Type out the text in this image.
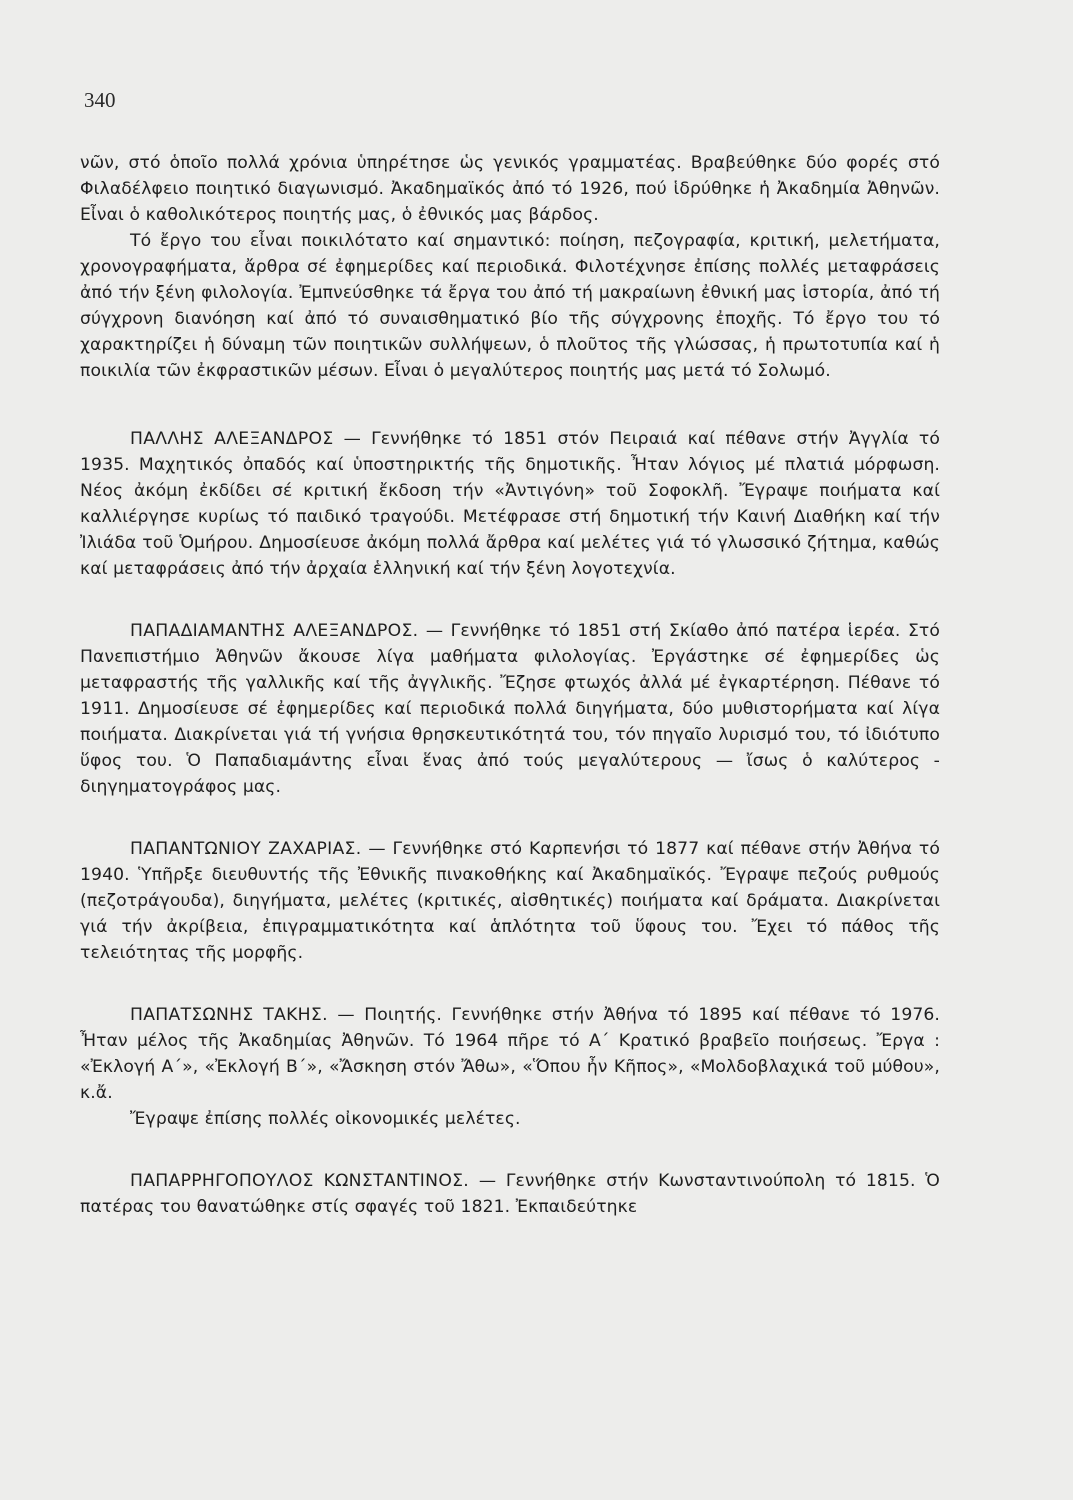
340

νῶν, στό ὁποῖο πολλά χρόνια ὑπηρέτησε ὡς γενικός γραμματέας. Βραβεύθηκε δύο φορές στό Φιλαδέλφειο ποιητικό διαγωνισμό. Ἀκαδημαϊκός ἀπό τό 1926, πού ἱδρύθηκε ἡ Ἀκαδημία Ἀθηνῶν. Εἶναι ὁ καθολικότερος ποιητής μας, ὁ ἐθνικός μας βάρδος.

Τό ἔργο του εἶναι ποικιλότατο καί σημαντικό: ποίηση, πεζογραφία, κριτική, μελετήματα, χρονογραφήματα, ἄρθρα σέ ἐφημερίδες καί περιοδικά. Φιλοτέχνησε ἐπίσης πολλές μεταφράσεις ἀπό τήν ξένη φιλολογία. Ἐμπνεύσθηκε τά ἔργα του ἀπό τή μακραίωνη ἐθνική μας ἱστορία, ἀπό τή σύγχρονη διανόηση καί ἀπό τό συναισθηματικό βίο τῆς σύγχρονης ἐποχῆς. Τό ἔργο του τό χαρακτηρίζει ἡ δύναμη τῶν ποιητικῶν συλλήψεων, ὁ πλοῦτος τῆς γλώσσας, ἡ πρωτοτυπία καί ἡ ποικιλία τῶν ἐκφραστικῶν μέσων. Εἶναι ὁ μεγαλύτερος ποιητής μας μετά τό Σολωμό.

ΠΑΛΛΗΣ ΑΛΕΞΑΝΔΡΟΣ — Γεννήθηκε τό 1851 στόν Πειραιά καί πέθανε στήν Ἀγγλία τό 1935. Μαχητικός ὀπαδός καί ὑποστηρικτής τῆς δημοτικῆς. Ἦταν λόγιος μέ πλατιά μόρφωση. Νέος ἀκόμη ἐκδίδει σέ κριτική ἔκδοση τήν «Ἀντιγόνη» τοῦ Σοφοκλῆ. Ἔγραψε ποιήματα καί καλλιέργησε κυρίως τό παιδικό τραγούδι. Μετέφρασε στή δημοτική τήν Καινή Διαθήκη καί τήν Ἰλιάδα τοῦ Ὁμήρου. Δημοσίευσε ἀκόμη πολλά ἄρθρα καί μελέτες γιά τό γλωσσικό ζήτημα, καθώς καί μεταφράσεις ἀπό τήν ἀρχαία ἑλληνική καί τήν ξένη λογοτεχνία.

ΠΑΠΑΔΙΑΜΑΝΤΗΣ ΑΛΕΞΑΝΔΡΟΣ. — Γεννήθηκε τό 1851 στή Σκίαθο ἀπό πατέρα ἱερέα. Στό Πανεπιστήμιο Ἀθηνῶν ἄκουσε λίγα μαθήματα φιλολογίας. Ἐργάστηκε σέ ἐφημερίδες ὡς μεταφραστής τῆς γαλλικῆς καί τῆς ἀγγλικῆς. Ἔζησε φτωχός ἀλλά μέ ἐγκαρτέρηση. Πέθανε τό 1911. Δημοσίευσε σέ ἐφημερίδες καί περιοδικά πολλά διηγήματα, δύο μυθιστορήματα καί λίγα ποιήματα. Διακρίνεται γιά τή γνήσια θρησκευτικότητά του, τόν πηγαῖο λυρισμό του, τό ἰδιότυπο ὕφος του. Ὁ Παπαδιαμάντης εἶναι ἕνας ἀπό τούς μεγαλύτερους — ἴσως ὁ καλύτερος - διηγηματογράφος μας.

ΠΑΠΑΝΤΩΝΙΟΥ ΖΑΧΑΡΙΑΣ. — Γεννήθηκε στό Καρπενήσι τό 1877 καί πέθανε στήν Ἀθήνα τό 1940. Ὑπῆρξε διευθυντής τῆς Ἐθνικῆς πινακοθήκης καί Ἀκαδημαϊκός. Ἔγραψε πεζούς ρυθμούς (πεζοτράγουδα), διηγήματα, μελέτες (κριτικές, αἰσθητικές) ποιήματα καί δράματα. Διακρίνεται γιά τήν ἀκρίβεια, ἐπιγραμματικότητα καί ἁπλότητα τοῦ ὕφους του. Ἔχει τό πάθος τῆς τελειότητας τῆς μορφῆς.

ΠΑΠΑΤΣΩΝΗΣ ΤΑΚΗΣ. — Ποιητής. Γεννήθηκε στήν Ἀθήνα τό 1895 καί πέθανε τό 1976. Ἦταν μέλος τῆς Ἀκαδημίας Ἀθηνῶν. Τό 1964 πῆρε τό Α΄ Κρατικό βραβεῖο ποιήσεως. Ἔργα : «Ἐκλογή Α΄», «Ἐκλογή Β΄», «Ἄσκηση στόν Ἄθω», «Ὅπου ἦν Κῆπος», «Μολδοβλαχικά τοῦ μύθου», κ.ἄ.

Ἔγραψε ἐπίσης πολλές οἰκονομικές μελέτες.

ΠΑΠΑΡΡΗΓΟΠΟΥΛΟΣ ΚΩΝΣΤΑΝΤΙΝΟΣ. — Γεννήθηκε στήν Κωνσταντινούπολη τό 1815. Ὁ πατέρας του θανατώθηκε στίς σφαγές τοῦ 1821. Ἐκπαιδεύτηκε
